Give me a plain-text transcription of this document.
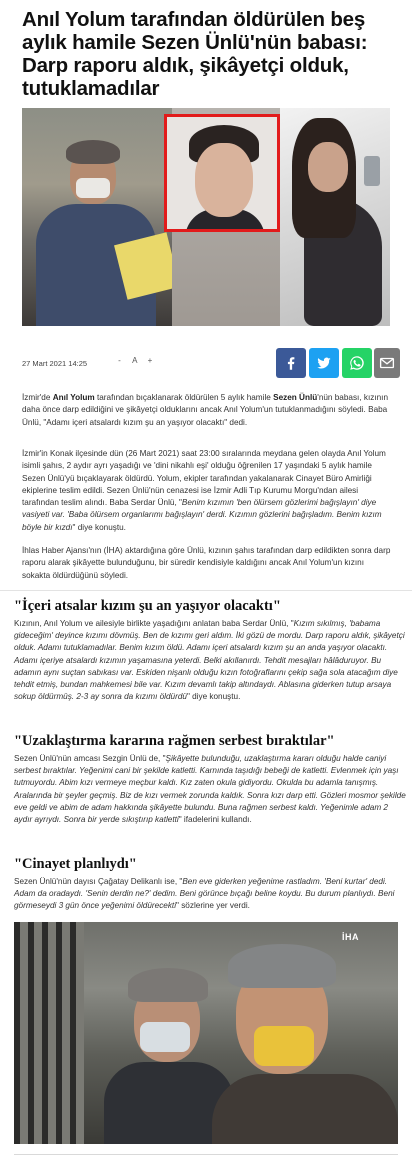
Anıl Yolum tarafından öldürülen beş aylık hamile Sezen Ünlü'nün babası: Darp raporu aldık, şikâyetçi olduk, tutuklamadılar
27 Mart 2021 14:25	- A +

İzmir'de Anıl Yolum tarafından bıçaklanarak öldürülen 5 aylık hamile Sezen Ünlü'nün babası, kızının daha önce darp edildiğini ve şikâyetçi olduklarını ancak Anıl Yolum'un tutuklanmadığını söyledi. Baba Ünlü, "Adamı içeri atsalardı kızım şu an yaşıyor olacaktı" dedi.

İzmir'in Konak ilçesinde dün (26 Mart 2021) saat 23:00 sıralarında meydana gelen olayda Anıl Yolum isimli şahıs, 2 aydır ayrı yaşadığı ve 'dini nikahlı eşi' olduğu öğrenilen 17 yaşındaki 5 aylık hamile Sezen Ünlü'yü bıçaklayarak öldürdü. Yolum, ekipler tarafından yakalanarak Cinayet Büro Amirliği ekiplerine teslim edildi. Sezen Ünlü'nün cenazesi ise İzmir Adli Tıp Kurumu Morgu'ndan ailesi tarafından teslim alındı. Baba Serdar Ünlü, "Benim kızımın 'ben ölürsem gözlerimi bağışlayın' diye vasiyeti var. 'Baba ölürsem organlarımı bağışlayın' derdi. Kızımın gözlerini bağışladım. Benim kızım böyle bir kızdı" diye konuştu.

İhlas Haber Ajansı'nın (İHA) aktardığına göre Ünlü, kızının şahıs tarafından darp edildikten sonra darp raporu alarak şikâyette bulunduğunu, bir süredir kendisiyle kaldığını ancak Anıl Yolum'un kızını sokakta öldürdüğünü söyledi.

"İçeri atsalar kızım şu an yaşıyor olacaktı"

Kızının, Anıl Yolum ve ailesiyle birlikte yaşadığını anlatan baba Serdar Ünlü, "Kızım sıkılmış, 'babama gideceğim' deyince kızımı dövmüş. Ben de kızımı geri aldım. İki gözü de mordu. Darp raporu aldık, şikâyetçi olduk. Adamı tutuklamadılar. Benim kızım öldü. Adamı içeri atsalardı kızım şu an anda yaşıyor olacaktı. Adamı içeriye atsalardı kızımın yaşamasına yeterdi. Belki akıllanırdı. Tehdit mesajları hâlâduruyor. Bu adamın aynı suçtan sabıkası var. Eskiden nişanlı olduğu kızın fotoğraflarını çekip sağa sola atacağım diye tehdit etmiş, bundan mahkemesi bile var. Kızım devamlı takip altındaydı. Ablasına giderken tutup arsaya sokup öldürmüş. 2-3 ay sonra da kızımı öldürdü" diye konuştu.

"Uzaklaştırma kararına rağmen serbest bıraktılar"

Sezen Ünlü'nün amcası Sezgin Ünlü de, "Şikâyette bulunduğu, uzaklaştırma kararı olduğu halde caniyi serbest bıraktılar. Yeğenimi cani bir şekilde katletti. Karnında taşıdığı bebeği de katletti. Evlenmek için yaşı tutmuyordu. Abim kızı vermeye meçbur kaldı. Kız zaten okula gidiyordu. Okulda bu adamla tanışmış. Aralarında bir şeyler geçmiş. Biz de kızı vermek zorunda kaldık. Sonra kızı darp etti. Gözleri mosmor şekilde eve geldi ve abim de adam hakkında şikâyette bulundu. Buna rağmen serbest kaldı. Yeğenimle adam 2 aydır ayrıydı. Sonra bir yerde sıkıştırıp katletti" ifadelerini kullandı.

"Cinayet planlıydı"

Sezen Ünlü'nün dayısı Çağatay Delikanlı ise, "Ben eve giderken yeğenime rastladım. 'Beni kurtar' dedi. Adam da oradaydı. 'Senin derdin ne?' dedim. Beni görünce bıçağı beline koydu. Bu durum planlıydı. Beni görmeseydi 3 gün önce yeğenimi öldürecekti" sözlerine yer verdi.

İHA
